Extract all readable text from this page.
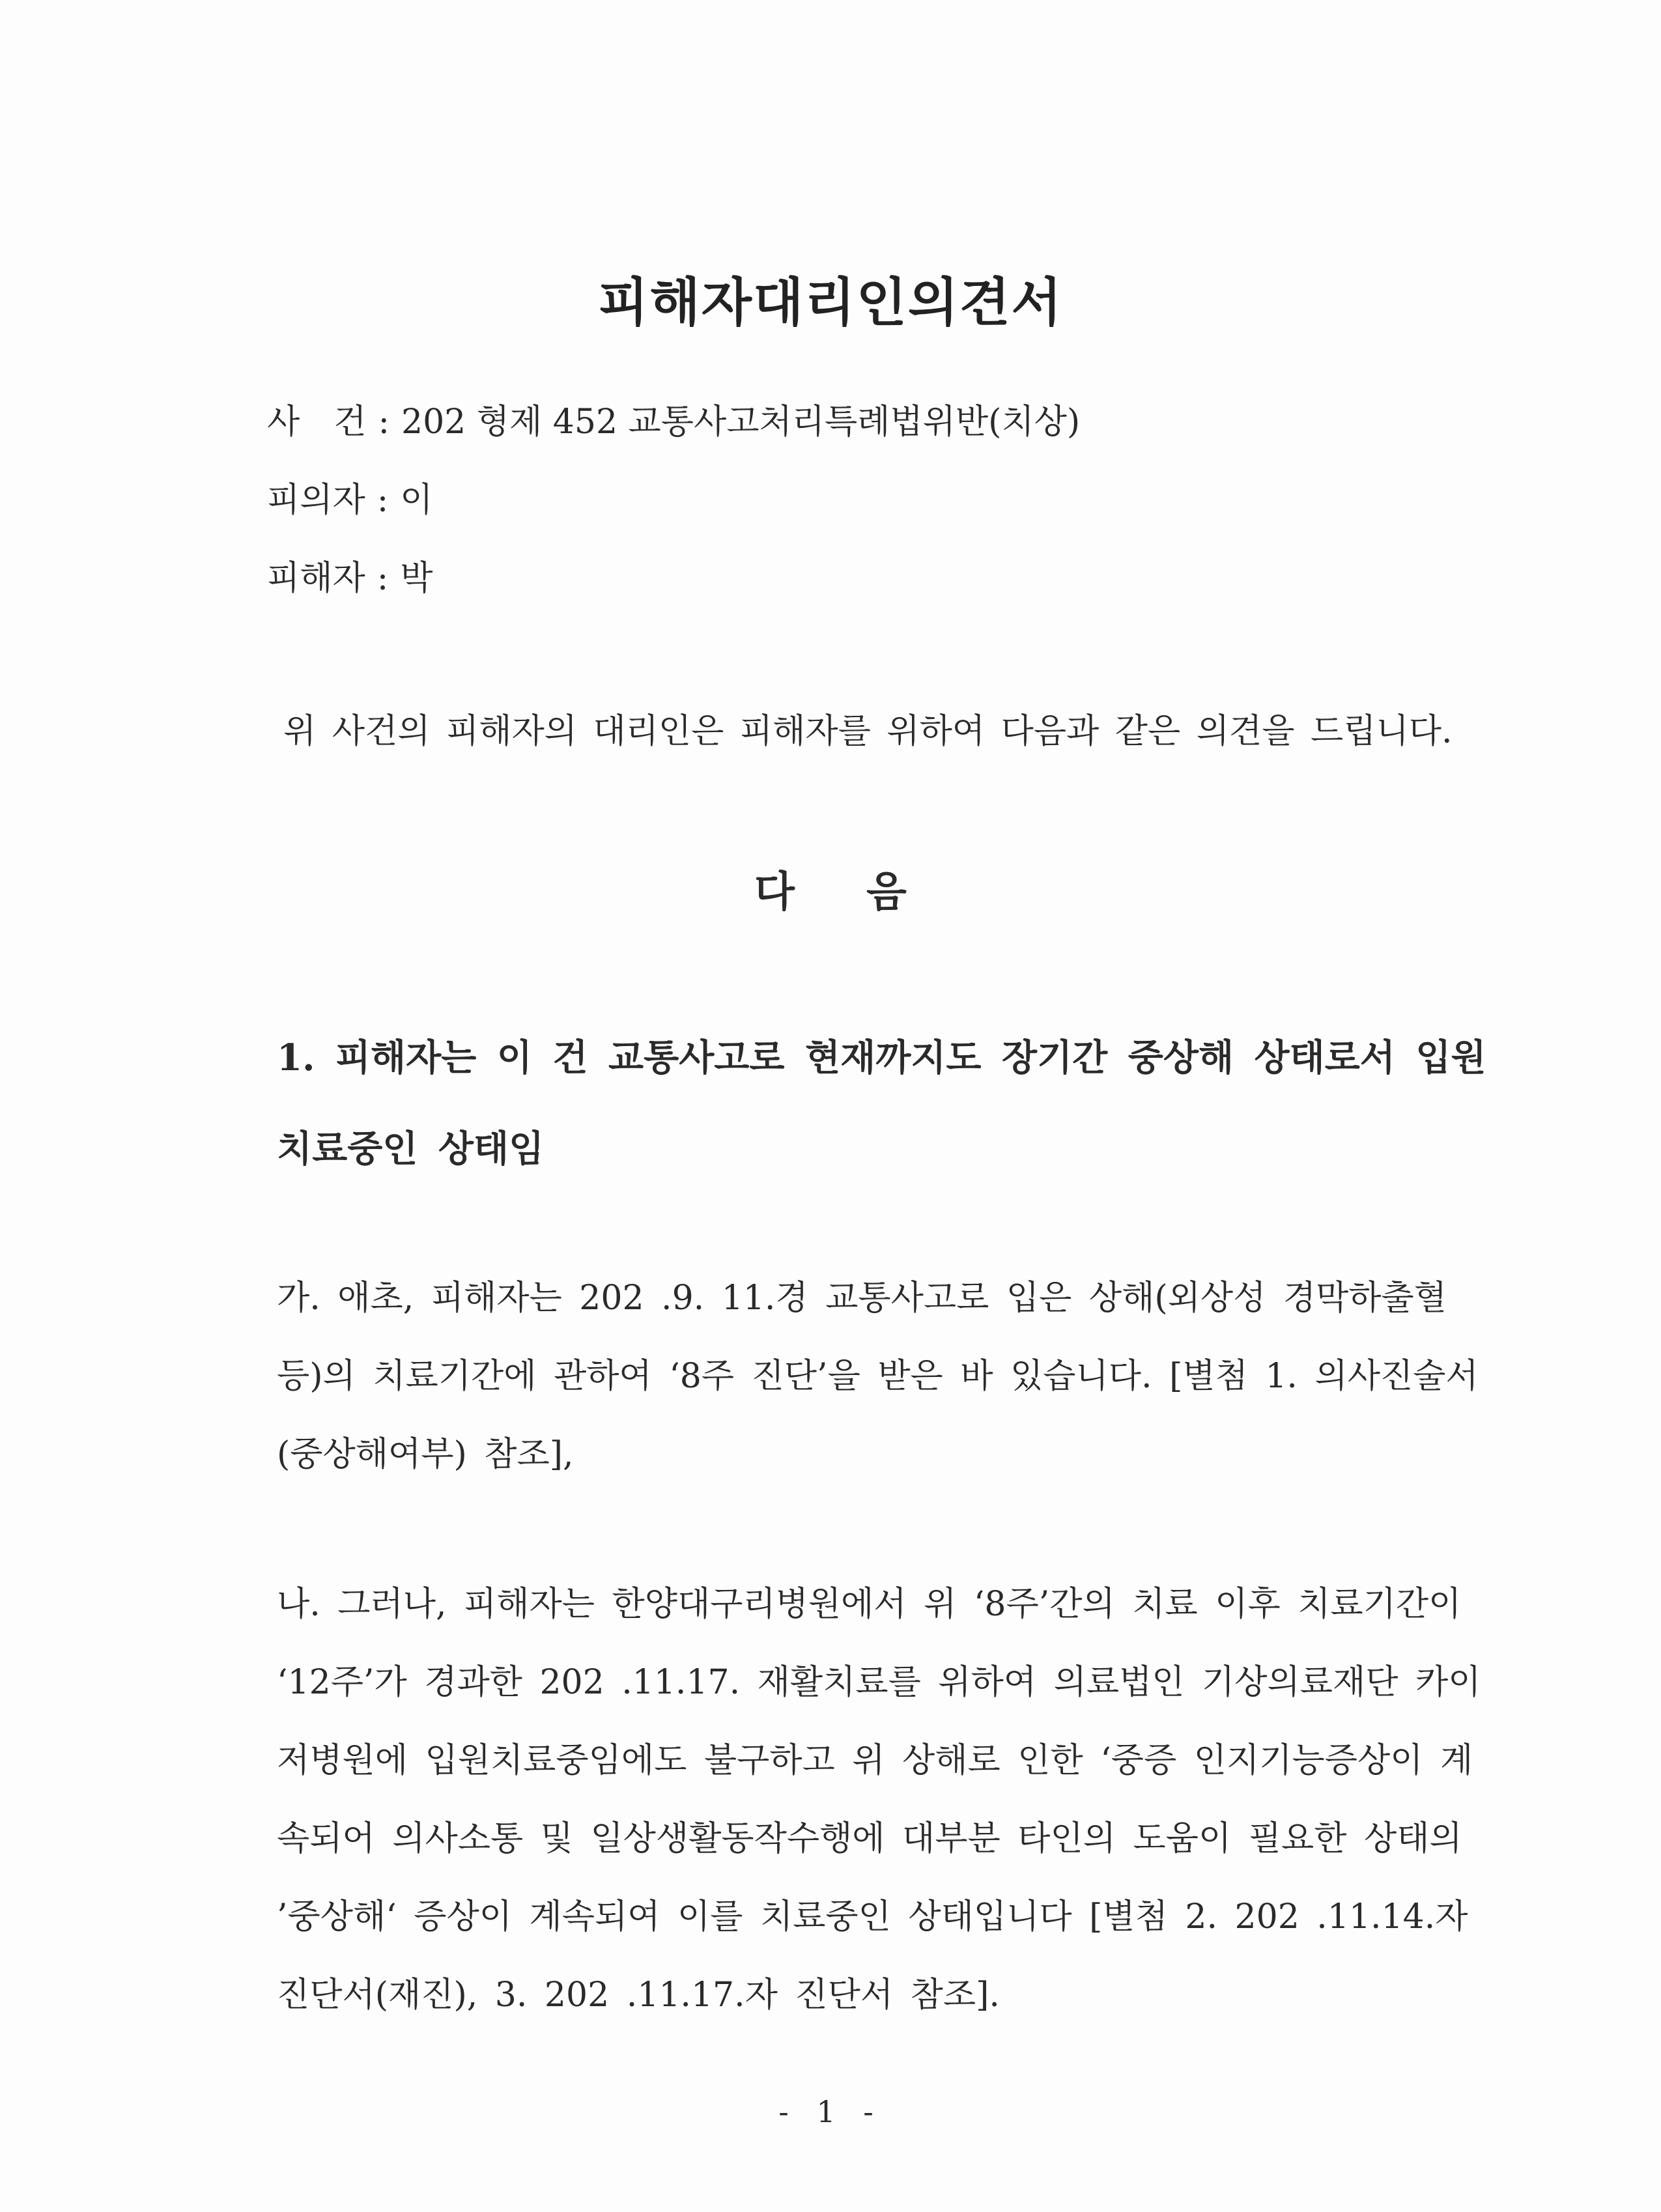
피해자대리인의견서
사　건 : 202 형제 452 교통사고처리특례법위반(치상)
피의자 : 이
피해자 : 박
위 사건의 피해자의 대리인은 피해자를 위하여 다음과 같은 의견을 드립니다.
다음
1. 피해자는 이 건 교통사고로 현재까지도 장기간 중상해 상태로서 입원
치료중인 상태임
가. 애초, 피해자는 202 .9. 11.경 교통사고로 입은 상해(외상성 경막하출혈
등)의 치료기간에 관하여 ‘8주 진단’을 받은 바 있습니다. [별첨 1. 의사진술서
(중상해여부) 참조],
나. 그러나, 피해자는 한양대구리병원에서 위 ‘8주’간의 치료 이후 치료기간이
‘12주’가 경과한 202 .11.17. 재활치료를 위하여 의료법인 기상의료재단 카이
저병원에 입원치료중임에도 불구하고 위 상해로 인한 ‘중증 인지기능증상이 계
속되어 의사소통 및 일상생활동작수행에 대부분 타인의 도움이 필요한 상태의
’중상해‘ 증상이 계속되여 이를 치료중인 상태입니다 [별첨 2. 202 .11.14.자
진단서(재진), 3. 202 .11.17.자 진단서 참조].
- 1 -
